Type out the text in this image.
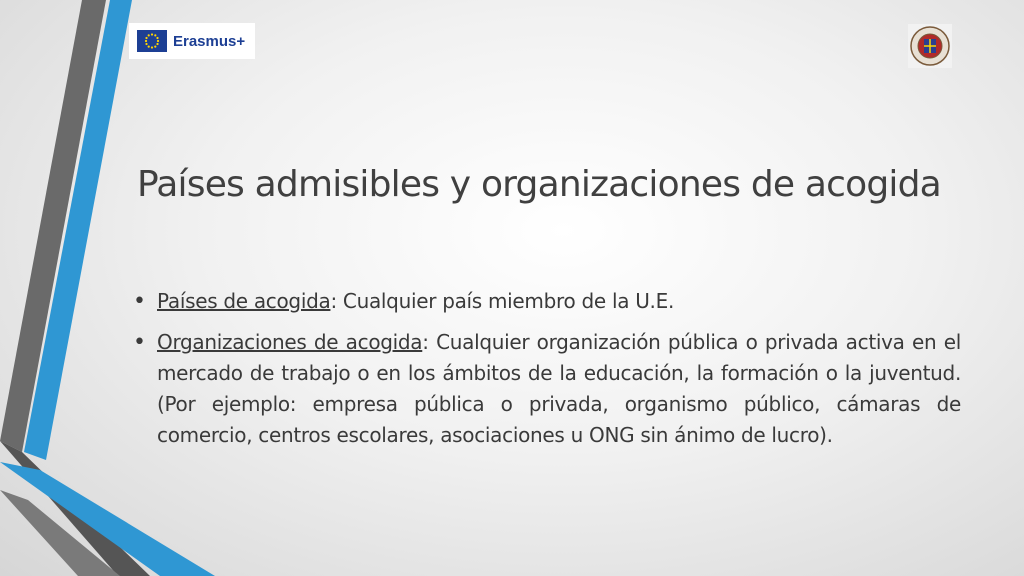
Erasmus+
Países admisibles y organizaciones de acogida
• Países de acogida: Cualquier país miembro de la U.E.
• Organizaciones de acogida: Cualquier organización pública o privada activa en el mercado de trabajo o en los ámbitos de la educación, la formación o la juventud. (Por ejemplo: empresa pública o privada, organismo público, cámaras de comercio, centros escolares, asociaciones u ONG sin ánimo de lucro).
